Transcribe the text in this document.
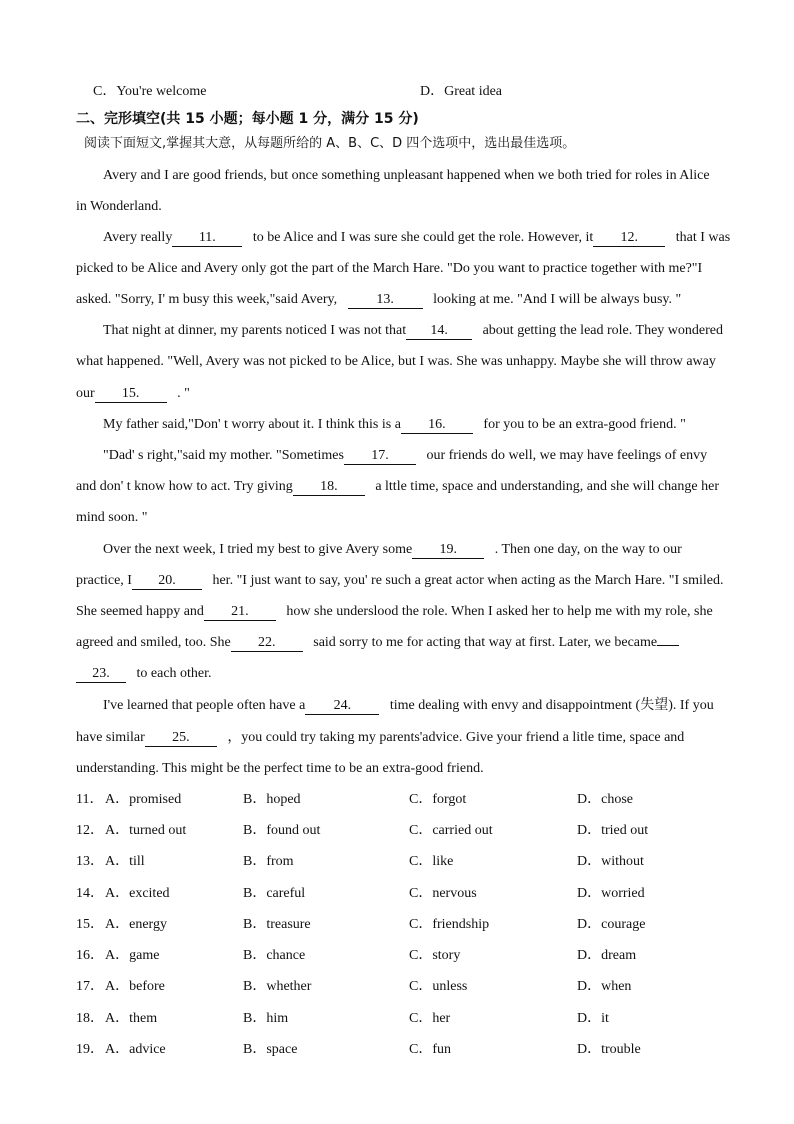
C．You're welcome	D．Great idea
二、完形填空(共 15 小题；每小题 1 分，满分 15 分)
阅读下面短文,掌握其大意，从每题所给的 A、B、C、D 四个选项中，选出最佳选项。
Avery and I are good friends, but once something unpleasant happened when we both tried for roles in Alice
in Wonderland.
Avery really 11.	to be Alice and I was sure she could get the role. However, it 12.	that I was
picked to be Alice and Avery only got the part of the March Hare. "Do you want to practice together with me?"I
asked. "Sorry, I' m busy this week,"said Avery,	13.	looking at me. "And I will be always busy. "
That night at dinner, my parents noticed I was not that 14. about getting the lead role. They wondered
what happened. "Well, Avery was not picked to be Alice, but I was. She was unhappy. Maybe she will throw away
our 15.	. "
My father said,"Don' t worry about it. I think this is a 16.	for you to be an extra-good friend. "
"Dad' s right,"said my mother. "Sometimes 17.	our friends do well, we may have feelings of envy
and don' t know how to act. Try giving 18.	a lttle time, space and understanding, and she will change her
mind soon. "
Over the next week, I tried my best to give Avery some 19.	. Then one day, on the way to our
practice, I 20.	her. "I just want to say, you' re such a great actor when acting as the March Hare. "I smiled.
She seemed happy and 21.	how she underslood the role. When I asked her to help me with my role, she
agreed and smiled, too. She 22.	said sorry to me for acting that way at first. Later, we became
23. to each other.
I've learned that people often have a 24.	time dealing with envy and disappointment (失望). If you
have similar 25.	，you could try taking my parents'advice. Give your friend a litle time, space and
understanding. This might be the perfect time to be an extra-good friend.
11． A．promised	B．hoped	C．forgot	D．chose
12． A．turned out	B．found out	C．carried out	D．tried out
13． A．till	B．from	C．like	D．without
14． A．excited	B．careful	C．nervous	D．worried
15． A．energy	B．treasure	C．friendship	D．courage
16． A．game	B．chance	C．story	D．dream
17． A．before	B．whether	C．unless	D．when
18． A．them	B．him	C．her	D．it
19． A．advice	B．space	C．fun	D．trouble
